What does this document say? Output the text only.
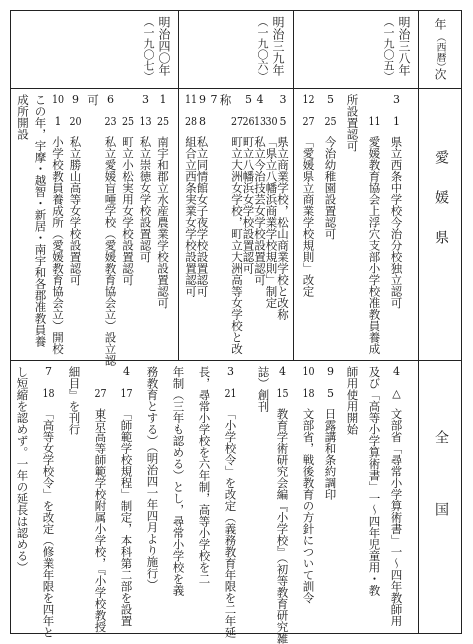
年
（西暦）
次
愛　媛　県
全　　国
明治三八年
（一九〇五）
明治三九年
（一九〇六）
明治四〇年
（一九〇七）
3
1
県立西条中学校今治分校独立認可
11
愛媛教育協会上浮穴支部小学校准教員養成
所設置認可
5
25
今治幼稚園設置認可
12
27
「愛媛県立商業学校規則」改定
3
5
県立商業学校，松山商業学校と改称
30
「県立八幡浜商業学校規則」制定
4
13
私立今治技芸女学校設置認可
5
26
町立八幡浜女学校設置認可
27
町立大洲女学校，町立大洲高等女学校と改
称
7
9
8
私立同情館女子夜学校設置認可
11
28
組合立西条実業女学校設置認可
1
25
南宇和郡立水産農業学校設置認可
3
13
私立崇徳女学校設置認可
25
町立小松実用女学校設置認可
6
23
私立愛媛盲唖学校（愛媛教育協会立）設立認
可
9
20
私立勝山高等女学校設置認可
10
1
小学校教員養成所（愛媛教育協会立）開校
この年，宇摩・越智・新居・南宇和各郡准教員養
成所開設
4
△
文部省「尋常小学算術書」一～四年教師用
及び「高等小学算術書」一～四年児童用・教
師用使用開始
9
5
日露講和条約調印
10
18
文部省，戦後教育の方針について訓令
4
15
教育学術研究会編『小学校』（初等教育研究雑
誌）創刊
3
21
「小学校令」を改定（義務教育年限を二年延
長，尋常小学校を六年制，高等小学校を二
年制（三年も認める）とし，尋常小学校を義
務教育とする）（明治四一年四月より施行）
4
17
「師範学校規程」制定，本科第二部を設置
27
東京高等師範学校附属小学校，『小学校教授
細目』を刊行
7
18
「高等女学校令」を改定（修業年限を四年と
し短縮を認めず。一年の延長は認める）
